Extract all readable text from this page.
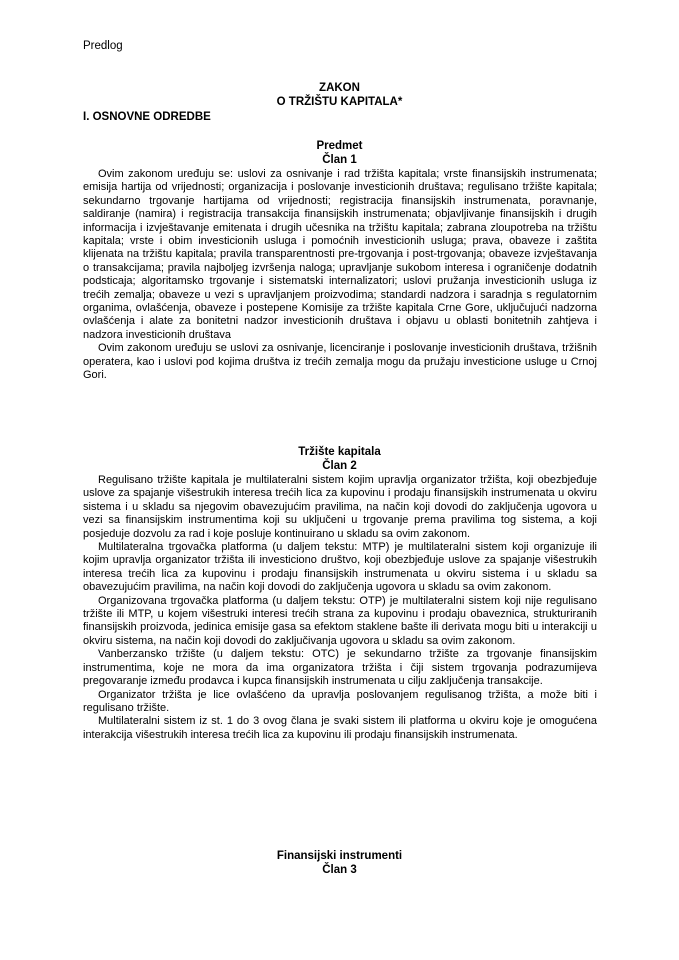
Predlog
ZAKON
O TRŽIŠTU KAPITALA*
I. OSNOVNE ODREDBE
Predmet
Član 1

Ovim zakonom uređuju se: uslovi za osnivanje i rad tržišta kapitala; vrste finansijskih instrumenata; emisija hartija od vrijednosti; organizacija i poslovanje investicionih društava; regulisano tržište kapitala; sekundarno trgovanje hartijama od vrijednosti; registracija finansijskih instrumenata, poravnanje, saldiranje (namira) i registracija transakcija finansijskih instrumenata; objavljivanje finansijskih i drugih informacija i izvještavanje emitenata i drugih učesnika na tržištu kapitala; zabrana zloupotreba na tržištu kapitala; vrste i obim investicionih usluga i pomoćnih investicionih usluga; prava, obaveze i zaštita klijenata na tržištu kapitala; pravila transparentnosti pre-trgovanja i post-trgovanja; obaveze izvještavanja o transakcijama; pravila najboljeg izvršenja naloga; upravljanje sukobom interesa i ograničenje dodatnih podsticaja; algoritamsko trgovanje i sistematski internalizatori; uslovi pružanja investicionih usluga iz trećih zemalja; obaveze u vezi s upravljanjem proizvodima; standardi nadzora i saradnja s regulatornim organima, ovlašćenja, obaveze i postepene Komisije za tržište kapitala Crne Gore, uključujući nadzorna ovlašćenja i alate za bonitetni nadzor investicionih društava i objavu u oblasti bonitetnih zahtjeva i nadzora investicionih društava

Ovim zakonom uređuju se uslovi za osnivanje, licenciranje i poslovanje investicionih društava, tržišnih operatera, kao i uslovi pod kojima društva iz trećih zemalja mogu da pružaju investicione usluge u Crnoj Gori.

Tržište kapitala
Član 2

Regulisano tržište kapitala je multilateralni sistem kojim upravlja organizator tržišta, koji obezbjeđuje uslove za spajanje višestrukih interesa trećih lica za kupovinu i prodaju finansijskih instrumenata u okviru sistema i u skladu sa njegovim obavezujućim pravilima, na način koji dovodi do zaključenja ugovora u vezi sa finansijskim instrumentima koji su uključeni u trgovanje prema pravilima tog sistema, a koji posjeduje dozvolu za rad i koje posluje kontinuirano u skladu sa ovim zakonom.

Multilateralna trgovačka platforma (u daljem tekstu: MTP) je multilateralni sistem koji organizuje ili kojim upravlja organizator tržišta ili investiciono društvo, koji obezbjeđuje uslove za spajanje višestrukih interesa trećih lica za kupovinu i prodaju finansijskih instrumenata u okviru sistema i u skladu sa obavezujućim pravilima, na način koji dovodi do zaključenja ugovora u skladu sa ovim zakonom.

Organizovana trgovačka platforma (u daljem tekstu: OTP) je multilateralni sistem koji nije regulisano tržište ili MTP, u kojem višestruki interesi trećih strana za kupovinu i prodaju obaveznica, strukturiranih finansijskih proizvoda, jedinica emisije gasa sa efektom staklene bašte ili derivata mogu biti u interakciji u okviru sistema, na način koji dovodi do zaključivanja ugovora u skladu sa ovim zakonom.

Vanberzansko tržište (u daljem tekstu: OTC) je sekundarno tržište za trgovanje finansijskim instrumentima, koje ne mora da ima organizatora tržišta i čiji sistem trgovanja podrazumijeva pregovaranje između prodavca i kupca finansijskih instrumenata u cilju zaključenja transakcije.

Organizator tržišta je lice ovlašćeno da upravlja poslovanjem regulisanog tržišta, a može biti i regulisano tržište.

Multilateralni sistem iz st. 1 do 3 ovog člana je svaki sistem ili platforma u okviru koje je omogućena interakcija višestrukih interesa trećih lica za kupovinu ili prodaju finansijskih instrumenata.

Finansijski instrumenti
Član 3
